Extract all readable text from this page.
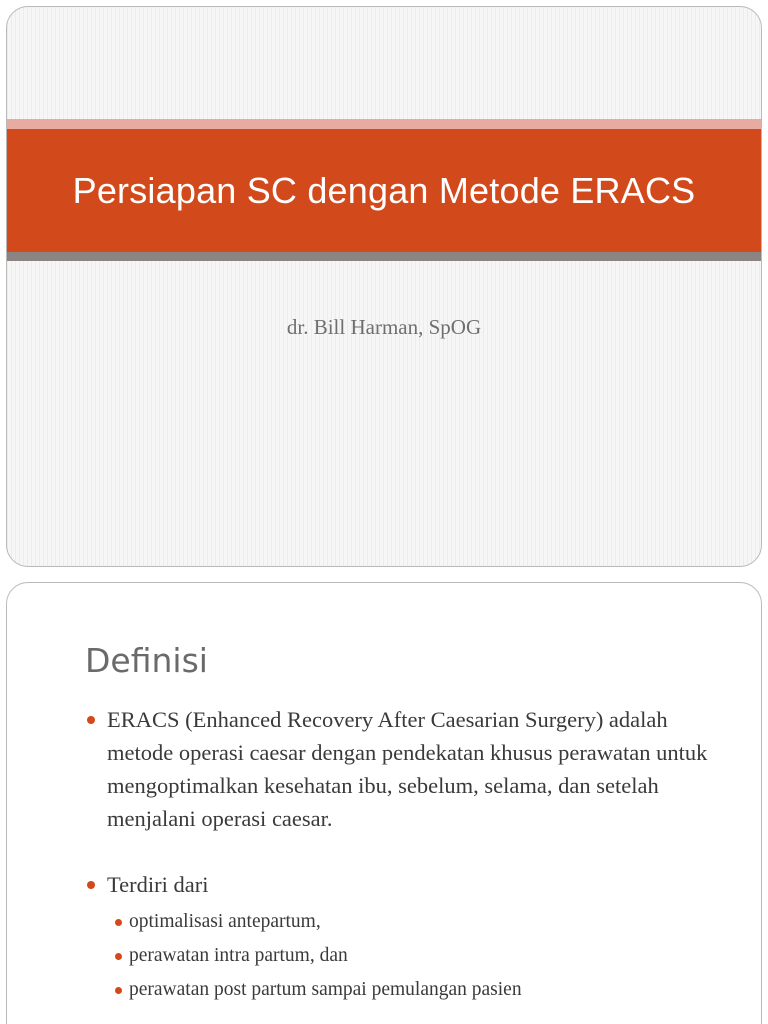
Persiapan SC dengan Metode ERACS
dr. Bill Harman, SpOG
Definisi
ERACS (Enhanced Recovery After Caesarian Surgery) adalah metode operasi caesar dengan pendekatan khusus perawatan untuk mengoptimalkan kesehatan ibu, sebelum, selama, dan setelah menjalani operasi caesar.
Terdiri dari
optimalisasi antepartum,
perawatan intra partum, dan
perawatan post partum sampai pemulangan pasien
